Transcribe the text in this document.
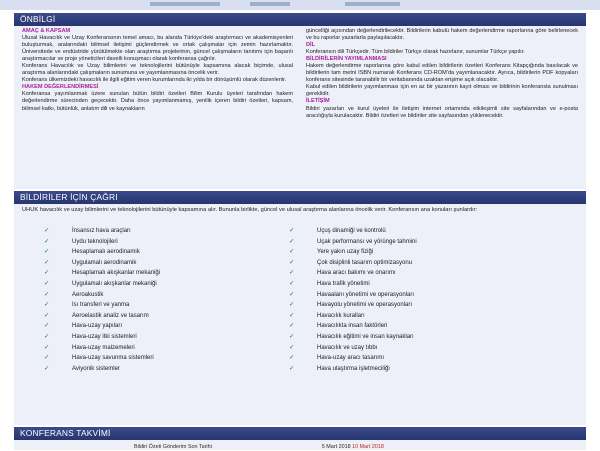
ÖNBİLGİ
AMAÇ & KAPSAM

Ulusal Havacılık ve Uzay Konferansının temel amacı, bu alanda Türkiye’deki araştırmacı ve akademisyenleri buluşturmak, aralarındaki bilimsel iletişimi güçlendirmek ve ortak çalışmalar için zemin hazırlamaktır. Üniversitede ve endüstride yürütülmekte olan araştırma projelerinin, güncel çalışmaların tanıtımı için başarılı araştırmacılar ve proje yöneticileri davetli konuşmacı olarak konferansa çağrılır.

Konferans Havacılık ve Uzay bilimlerini ve teknolojilerini bütünüyle kapsamına alacak biçimde, ulusal araştırma alanlarındaki çalışmaların sunumuna ve yayımlanmasına öncelik verir.

Konferans ülkemizdeki havacılık ile ilgili eğitim veren kurumlarında iki yılda bir dönüşümlü olarak düzenlenir.

HAKEM DEĞERLENDİRMESİ

Konferansa yayımlanmak üzere sunulan bütün bildiri özetleri Bilim Kurulu üyeleri tarafından hakem değerlendirme sürecinden geçecektir. Daha önce yayımlanmamış, yenilik içeren bildiri özetleri, kapsam, bilimsel katkı, bütünlük, anlatım dili ve kaynakların

güncelliği açısından değerlendirilecektir. Bildirilerin kabulü hakem değerlendirme raporlarına göre belirlenecek ve bu raporlar yazarlarla paylaşılacaktır.

DİL

Konferansın dili Türkçedir. Tüm bildiriler Türkçe olarak hazırlanır, sunumlar Türkçe yapılır.

BİLDİRİLERİN YAYIMLANMASI

Hakem değerlendirme raporlarına göre kabul edilen bildirilerin özetleri Konferans Kitapçığında basılacak ve bildirilerin tam metni ISBN numaralı Konferans CD-ROM’da yayımlanacaktır. Ayrıca, bildirilerin PDF kopyaları konferans sitesinde taranabilir bir veritabanında uzaktan erişime açık olacaktır.

Kabul edilen bildirilerin yayımlanması için en az bir yazarının kayıt olması ve bildirinin konferansta sunulması gereklidir.

İLETİŞİM

Bildiri yazarları ve kurul üyeleri ile iletişim internet ortamında etkileşimli site sayfalarından ve e-posta aracılığıyla kurulacaktır. Bildiri özetleri ve bildiriler site sayfasından yüklenecektir.

BİLDİRİLER İÇİN ÇAĞRI
UHUK havacılık ve uzay bilimlerini ve teknolojilerini bütünüyle kapsamına alır. Bununla birlikte, güncel ve ulusal araştırma alanlarına öncelik verir. Konferansın ana konuları şunlardır:
✓	İnsansız hava araçları
✓	Uydu teknolojileri
✓	Hesaplamalı aerodinamik
✓	Uygulamalı aerodinamik
✓	Hesaplamalı akışkanlar mekaniği
✓	Uygulamalı akışkanlar mekaniği
✓	Aeroakustik
✓	Isı transferi ve yanma
✓	Aeroelastik analiz ve tasarım
✓	Hava-uzay yapıları
✓	Hava-uzay itki sistemleri
✓	Hava-uzay malzemeleri
✓	Hava-uzay savunma sistemleri
✓	Aviyonik sistemler
✓	Uçuş dinamiği ve kontrolü
✓	Uçak performansı ve yörünge tahmini
✓	Yere yakın uzay fiziği
✓	Çok disiplinli tasarım optimizasyonu
✓	Hava aracı bakımı ve onarımı
✓	Hava trafik yönetimi
✓	Havaalanı yönetimi ve operasyonları
✓	Havayolu yönetimi ve operasyonları
✓	Havacılık kuralları
✓	Havacılıkta insan faktörleri
✓	Havacılık eğitimi ve insan kaynakları
✓	Havacılık ve uzay tıbbı
✓	Hava-uzay aracı tasarımı
✓	Hava ulaştırma işletmeciliği
KONFERANS TAKVİMİ
Bildiri Özeti Gönderim Son Tarihi	5 Mart 2018 10 Mart 2018
